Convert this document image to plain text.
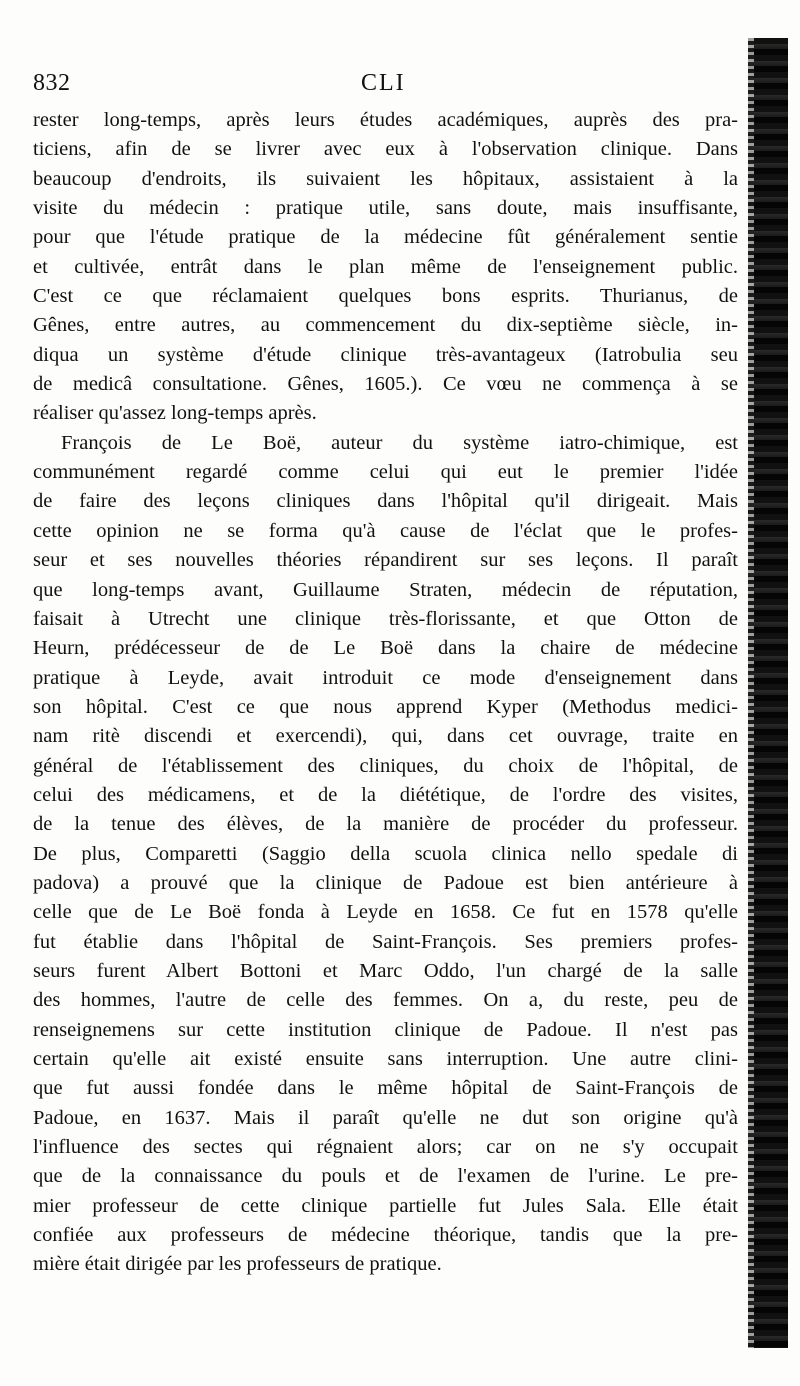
832	CLI
rester long-temps, après leurs études académiques, auprès des pra-
ticiens, afin de se livrer avec eux à l'observation clinique. Dans
beaucoup d'endroits, ils suivaient les hôpitaux, assistaient à la
visite du médecin : pratique utile, sans doute, mais insuffisante,
pour que l'étude pratique de la médecine fût généralement sentie
et cultivée, entrât dans le plan même de l'enseignement public.
C'est ce que réclamaient quelques bons esprits. Thurianus, de
Gênes, entre autres, au commencement du dix-septième siècle, in-
diqua un système d'étude clinique très-avantageux (Iatrobulia seu
de medicâ consultatione. Gênes, 1605.). Ce vœu ne commença à se
réaliser qu'assez long-temps après.
François de Le Boë, auteur du système iatro-chimique, est
communément regardé comme celui qui eut le premier l'idée
de faire des leçons cliniques dans l'hôpital qu'il dirigeait. Mais
cette opinion ne se forma qu'à cause de l'éclat que le profes-
seur et ses nouvelles théories répandirent sur ses leçons. Il paraît
que long-temps avant, Guillaume Straten, médecin de réputation,
faisait à Utrecht une clinique très-florissante, et que Otton de
Heurn, prédécesseur de de Le Boë dans la chaire de médecine
pratique à Leyde, avait introduit ce mode d'enseignement dans
son hôpital. C'est ce que nous apprend Kyper (Methodus medici-
nam ritè discendi et exercendi), qui, dans cet ouvrage, traite en
général de l'établissement des cliniques, du choix de l'hôpital, de
celui des médicamens, et de la diététique, de l'ordre des visites,
de la tenue des élèves, de la manière de procéder du professeur.
De plus, Comparetti (Saggio della scuola clinica nello spedale di
padova) a prouvé que la clinique de Padoue est bien antérieure à
celle que de Le Boë fonda à Leyde en 1658. Ce fut en 1578 qu'elle
fut établie dans l'hôpital de Saint-François. Ses premiers profes-
seurs furent Albert Bottoni et Marc Oddo, l'un chargé de la salle
des hommes, l'autre de celle des femmes. On a, du reste, peu de
renseignemens sur cette institution clinique de Padoue. Il n'est pas
certain qu'elle ait existé ensuite sans interruption. Une autre clini-
que fut aussi fondée dans le même hôpital de Saint-François de
Padoue, en 1637. Mais il paraît qu'elle ne dut son origine qu'à
l'influence des sectes qui régnaient alors; car on ne s'y occupait
que de la connaissance du pouls et de l'examen de l'urine. Le pre-
mier professeur de cette clinique partielle fut Jules Sala. Elle était
confiée aux professeurs de médecine théorique, tandis que la pre-
mière était dirigée par les professeurs de pratique.
